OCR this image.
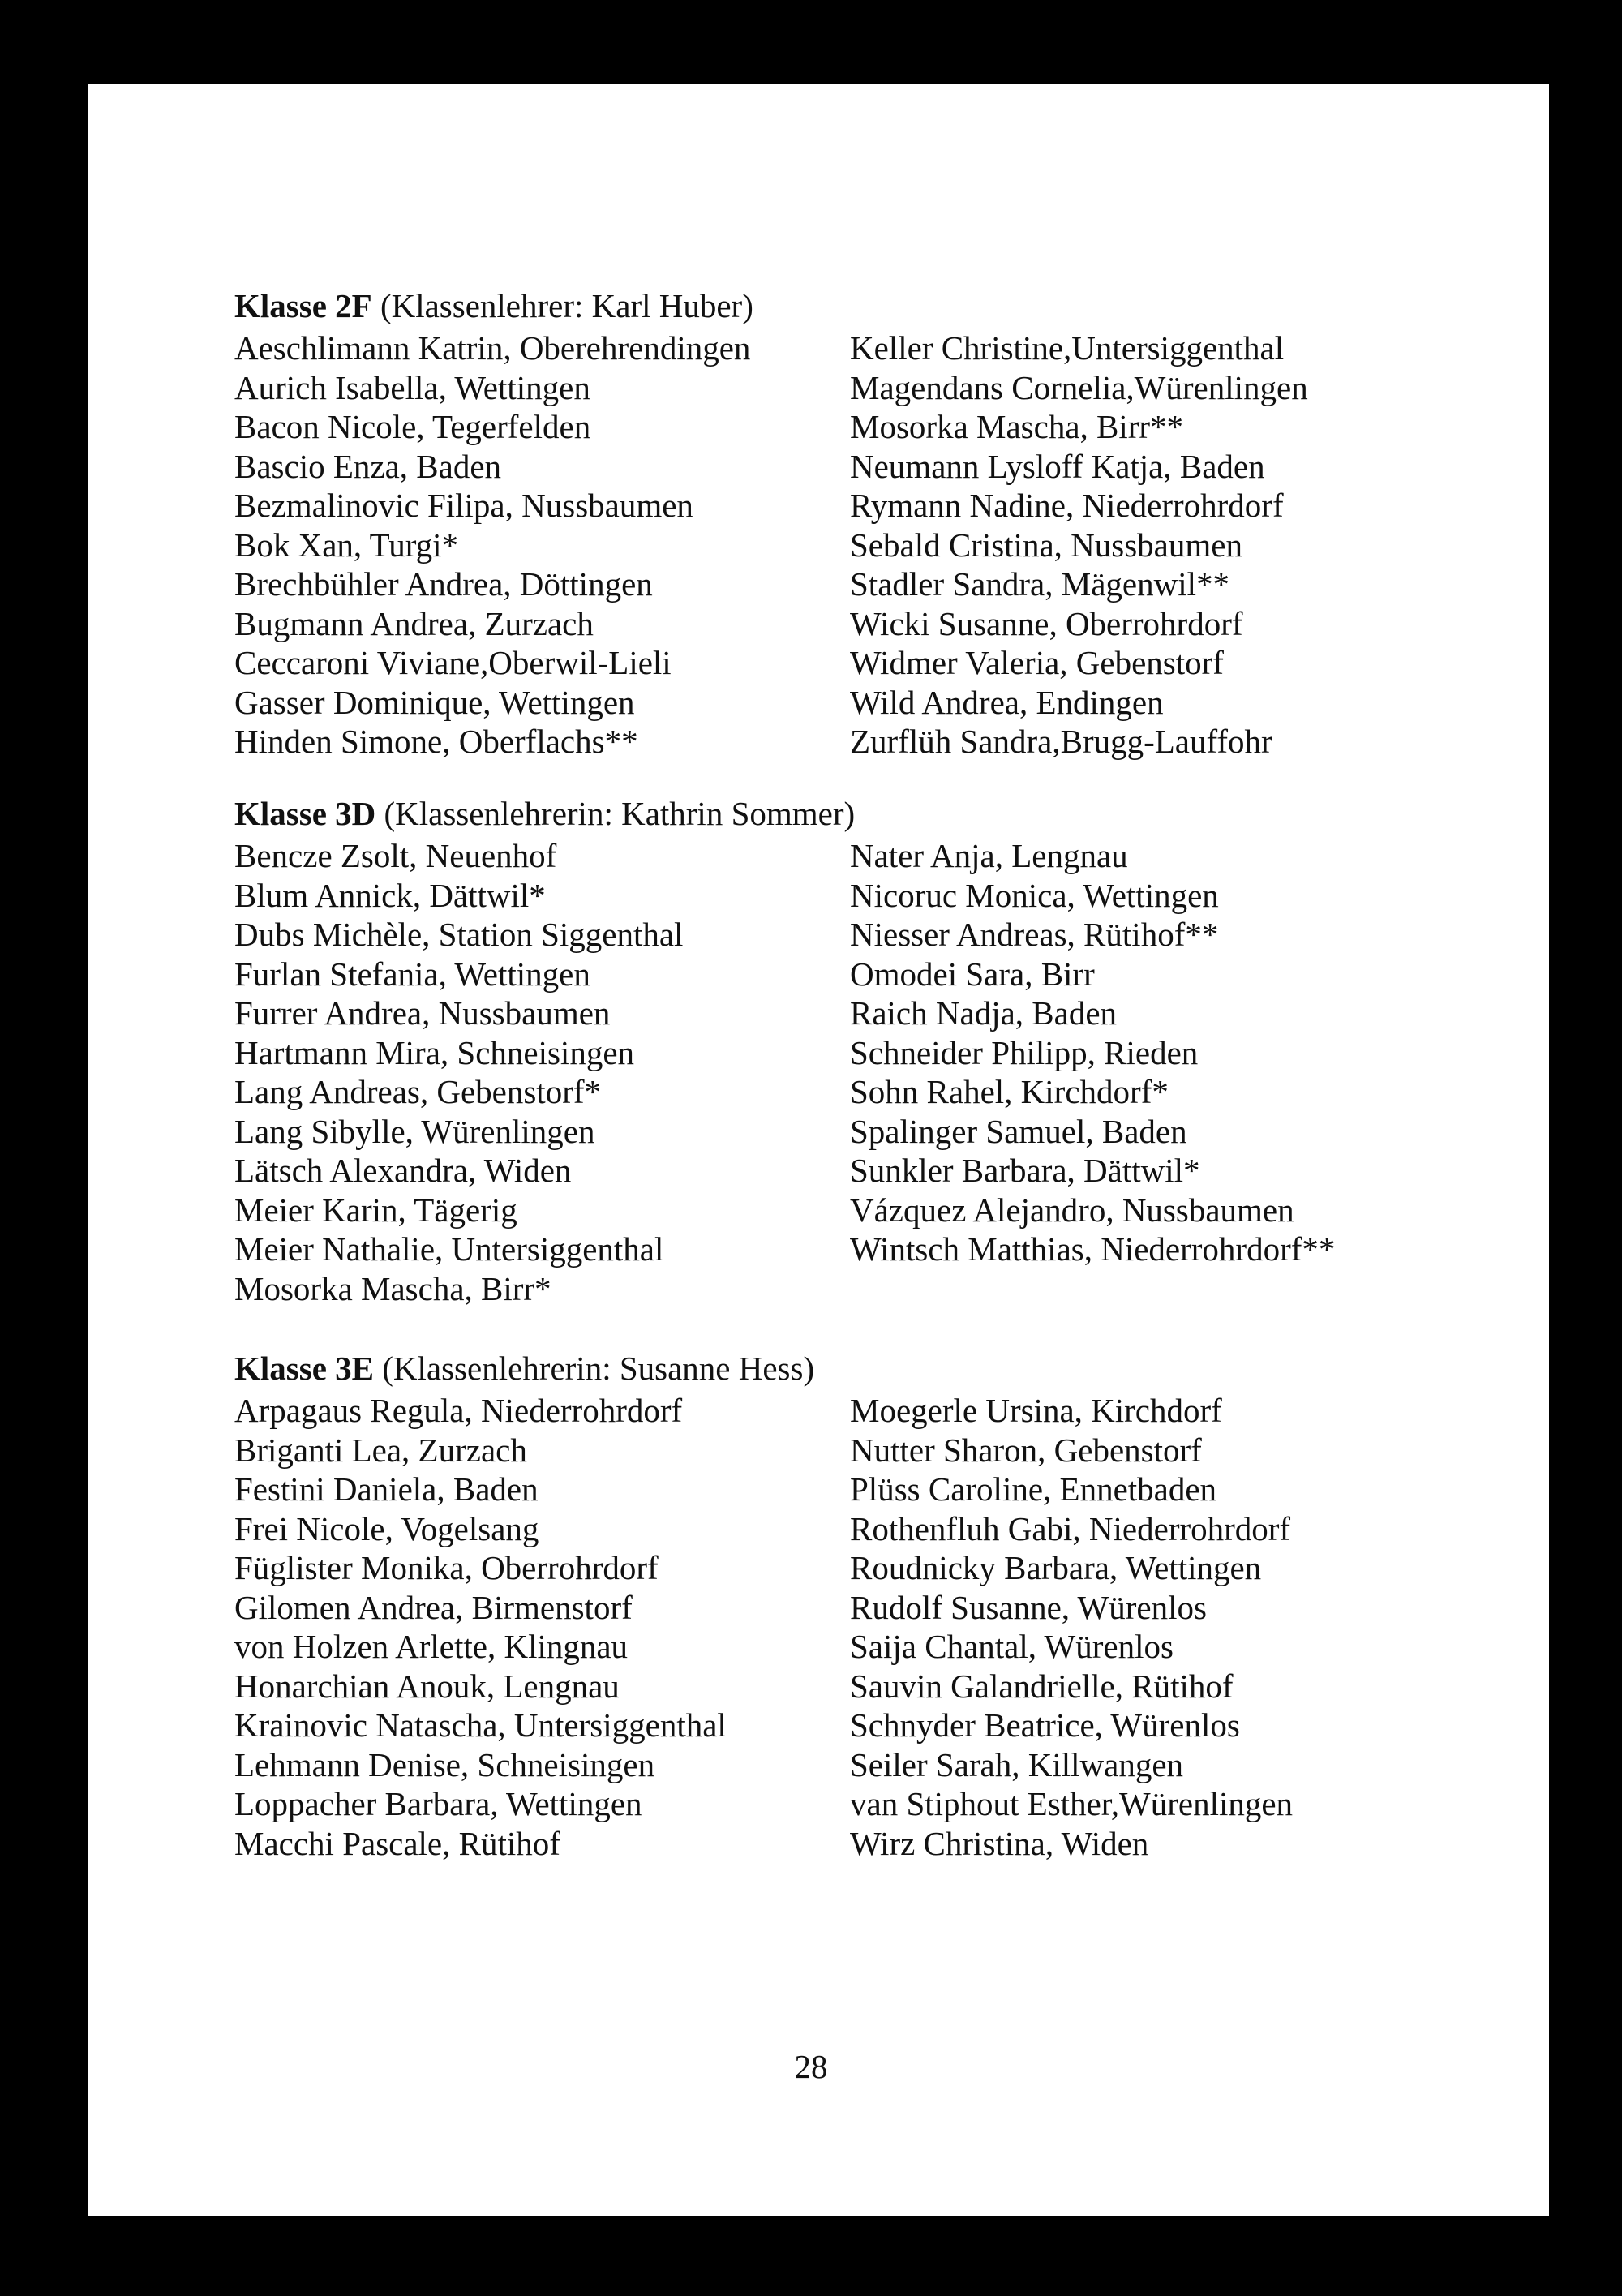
Klasse 2F (Klassenlehrer: Karl Huber)
Aeschlimann Katrin, Oberehrendingen
Aurich Isabella, Wettingen
Bacon Nicole, Tegerfelden
Bascio Enza, Baden
Bezmalinovic Filipa, Nussbaumen
Bok Xan, Turgi*
Brechbühler Andrea, Döttingen
Bugmann Andrea, Zurzach
Ceccaroni Viviane,Oberwil-Lieli
Gasser Dominique, Wettingen
Hinden Simone, Oberflachs**
Keller Christine,Untersiggenthal
Magendans Cornelia,Würenlingen
Mosorka Mascha, Birr**
Neumann Lysloff Katja, Baden
Rymann Nadine, Niederrohrdorf
Sebald Cristina, Nussbaumen
Stadler Sandra, Mägenwil**
Wicki Susanne, Oberrohrdorf
Widmer Valeria, Gebenstorf
Wild Andrea, Endingen
Zurflüh Sandra,Brugg-Lauffohr
Klasse 3D (Klassenlehrerin: Kathrin Sommer)
Bencze Zsolt, Neuenhof
Blum Annick, Dättwil*
Dubs Michèle, Station Siggenthal
Furlan Stefania, Wettingen
Furrer Andrea, Nussbaumen
Hartmann Mira, Schneisingen
Lang Andreas, Gebenstorf*
Lang Sibylle, Würenlingen
Lätsch Alexandra, Widen
Meier Karin, Tägerig
Meier Nathalie, Untersiggenthal
Mosorka Mascha, Birr*
Nater Anja, Lengnau
Nicoruc Monica, Wettingen
Niesser Andreas, Rütihof**
Omodei Sara, Birr
Raich Nadja, Baden
Schneider Philipp, Rieden
Sohn Rahel, Kirchdorf*
Spalinger Samuel, Baden
Sunkler Barbara, Dättwil*
Vázquez Alejandro, Nussbaumen
Wintsch Matthias, Niederrohrdorf**
Klasse 3E (Klassenlehrerin: Susanne Hess)
Arpagaus Regula, Niederrohrdorf
Briganti Lea, Zurzach
Festini Daniela, Baden
Frei Nicole, Vogelsang
Füglister Monika, Oberrohrdorf
Gilomen Andrea, Birmenstorf
von Holzen Arlette, Klingnau
Honarchian Anouk, Lengnau
Krainovic Natascha, Untersiggenthal
Lehmann Denise, Schneisingen
Loppacher Barbara, Wettingen
Macchi Pascale, Rütihof
Moegerle Ursina, Kirchdorf
Nutter Sharon, Gebenstorf
Plüss Caroline, Ennetbaden
Rothenfluh Gabi, Niederrohrdorf
Roudnicky Barbara, Wettingen
Rudolf Susanne, Würenlos
Saija Chantal, Würenlos
Sauvin Galandrielle, Rütihof
Schnyder Beatrice, Würenlos
Seiler Sarah, Killwangen
van Stiphout Esther,Würenlingen
Wirz Christina, Widen
28
